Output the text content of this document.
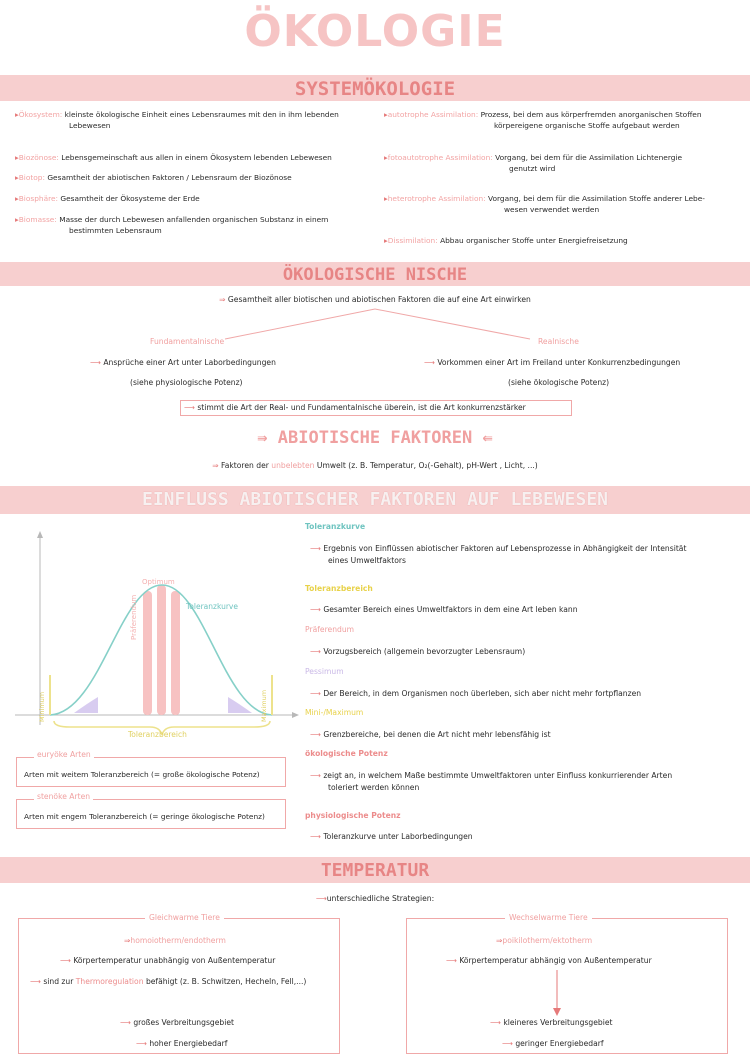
ÖKOLOGIE
SYSTEMÖKOLOGIE
▸Ökosystem: kleinste ökologische Einheit eines Lebensraumes mit den in ihm lebenden
Lebewesen
▸Biozönose: Lebensgemeinschaft aus allen in einem Ökosystem lebenden Lebewesen
▸Biotop: Gesamtheit der abiotischen Faktoren / Lebensraum der Biozönose
▸Biosphäre: Gesamtheit der Ökosysteme der Erde
▸Biomasse: Masse der durch Lebewesen anfallenden organischen Substanz in einem
bestimmten Lebensraum
▸autotrophe Assimilation: Prozess, bei dem aus körperfremden anorganischen Stoffen
körpereigene organische Stoffe aufgebaut werden
▸fotoautotrophe Assimilation: Vorgang, bei dem für die Assimilation Lichtenergie
genutzt wird
▸heterotrophe Assimilation: Vorgang, bei dem für die Assimilation Stoffe anderer Lebe-
wesen verwendet werden
▸Dissimilation: Abbau organischer Stoffe unter Energiefreisetzung
ÖKOLOGISCHE NISCHE
⇒ Gesamtheit aller biotischen und abiotischen Faktoren die auf eine Art einwirken
Fundamentalnische	Realnische
⟶ Ansprüche einer Art unter Laborbedingungen
(siehe physiologische Potenz)
⟶ Vorkommen einer Art im Freiland unter Konkurrenzbedingungen
(siehe ökologische Potenz)
⟶ stimmt die Art der Real- und Fundamentalnische überein, ist die Art konkurrenzstärker
⇛ ABIOTISCHE FAKTOREN ⇚
⇒ Faktoren der unbelebten Umwelt (z. B. Temperatur, O₂(-Gehalt), pH-Wert , Licht, ...)
EINFLUSS ABIOTISCHER FAKTOREN AUF LEBEWESEN
Optimum
Toleranzkurve
Präferendum
Minimum	Maximum
Toleranzbereich
euryöke Arten
Arten mit weitem Toleranzbereich (= große ökologische Potenz)
stenöke Arten
Arten mit engem Toleranzbereich (= geringe ökologische Potenz)
Toleranzkurve
⟶ Ergebnis von Einflüssen abiotischer Faktoren auf Lebensprozesse in Abhängigkeit der Intensität
eines Umweltfaktors
Toleranzbereich
⟶ Gesamter Bereich eines Umweltfaktors in dem eine Art leben kann
Präferendum
⟶ Vorzugsbereich (allgemein bevorzugter Lebensraum)
Pessimum
⟶ Der Bereich, in dem Organismen noch überleben, sich aber nicht mehr fortpflanzen
Mini-/Maximum
⟶ Grenzbereiche, bei denen die Art nicht mehr lebensfähig ist
ökologische Potenz
⟶ zeigt an, in welchem Maße bestimmte Umweltfaktoren unter Einfluss konkurrierender Arten
toleriert werden können
physiologische Potenz
⟶ Toleranzkurve unter Laborbedingungen
TEMPERATUR
⟶unterschiedliche Strategien:
Gleichwarme Tiere
⇒homoiotherm/endotherm
⟶ Körpertemperatur unabhängig von Außentemperatur
⟶ sind zur Thermoregulation befähigt (z. B. Schwitzen, Hecheln, Fell,...)
⟶ großes Verbreitungsgebiet
⟶ hoher Energiebedarf
Wechselwarme Tiere
⇒poikilotherm/ektotherm
⟶ Körpertemperatur abhängig von Außentemperatur
⟶ kleineres Verbreitungsgebiet
⟶ geringer Energiebedarf
